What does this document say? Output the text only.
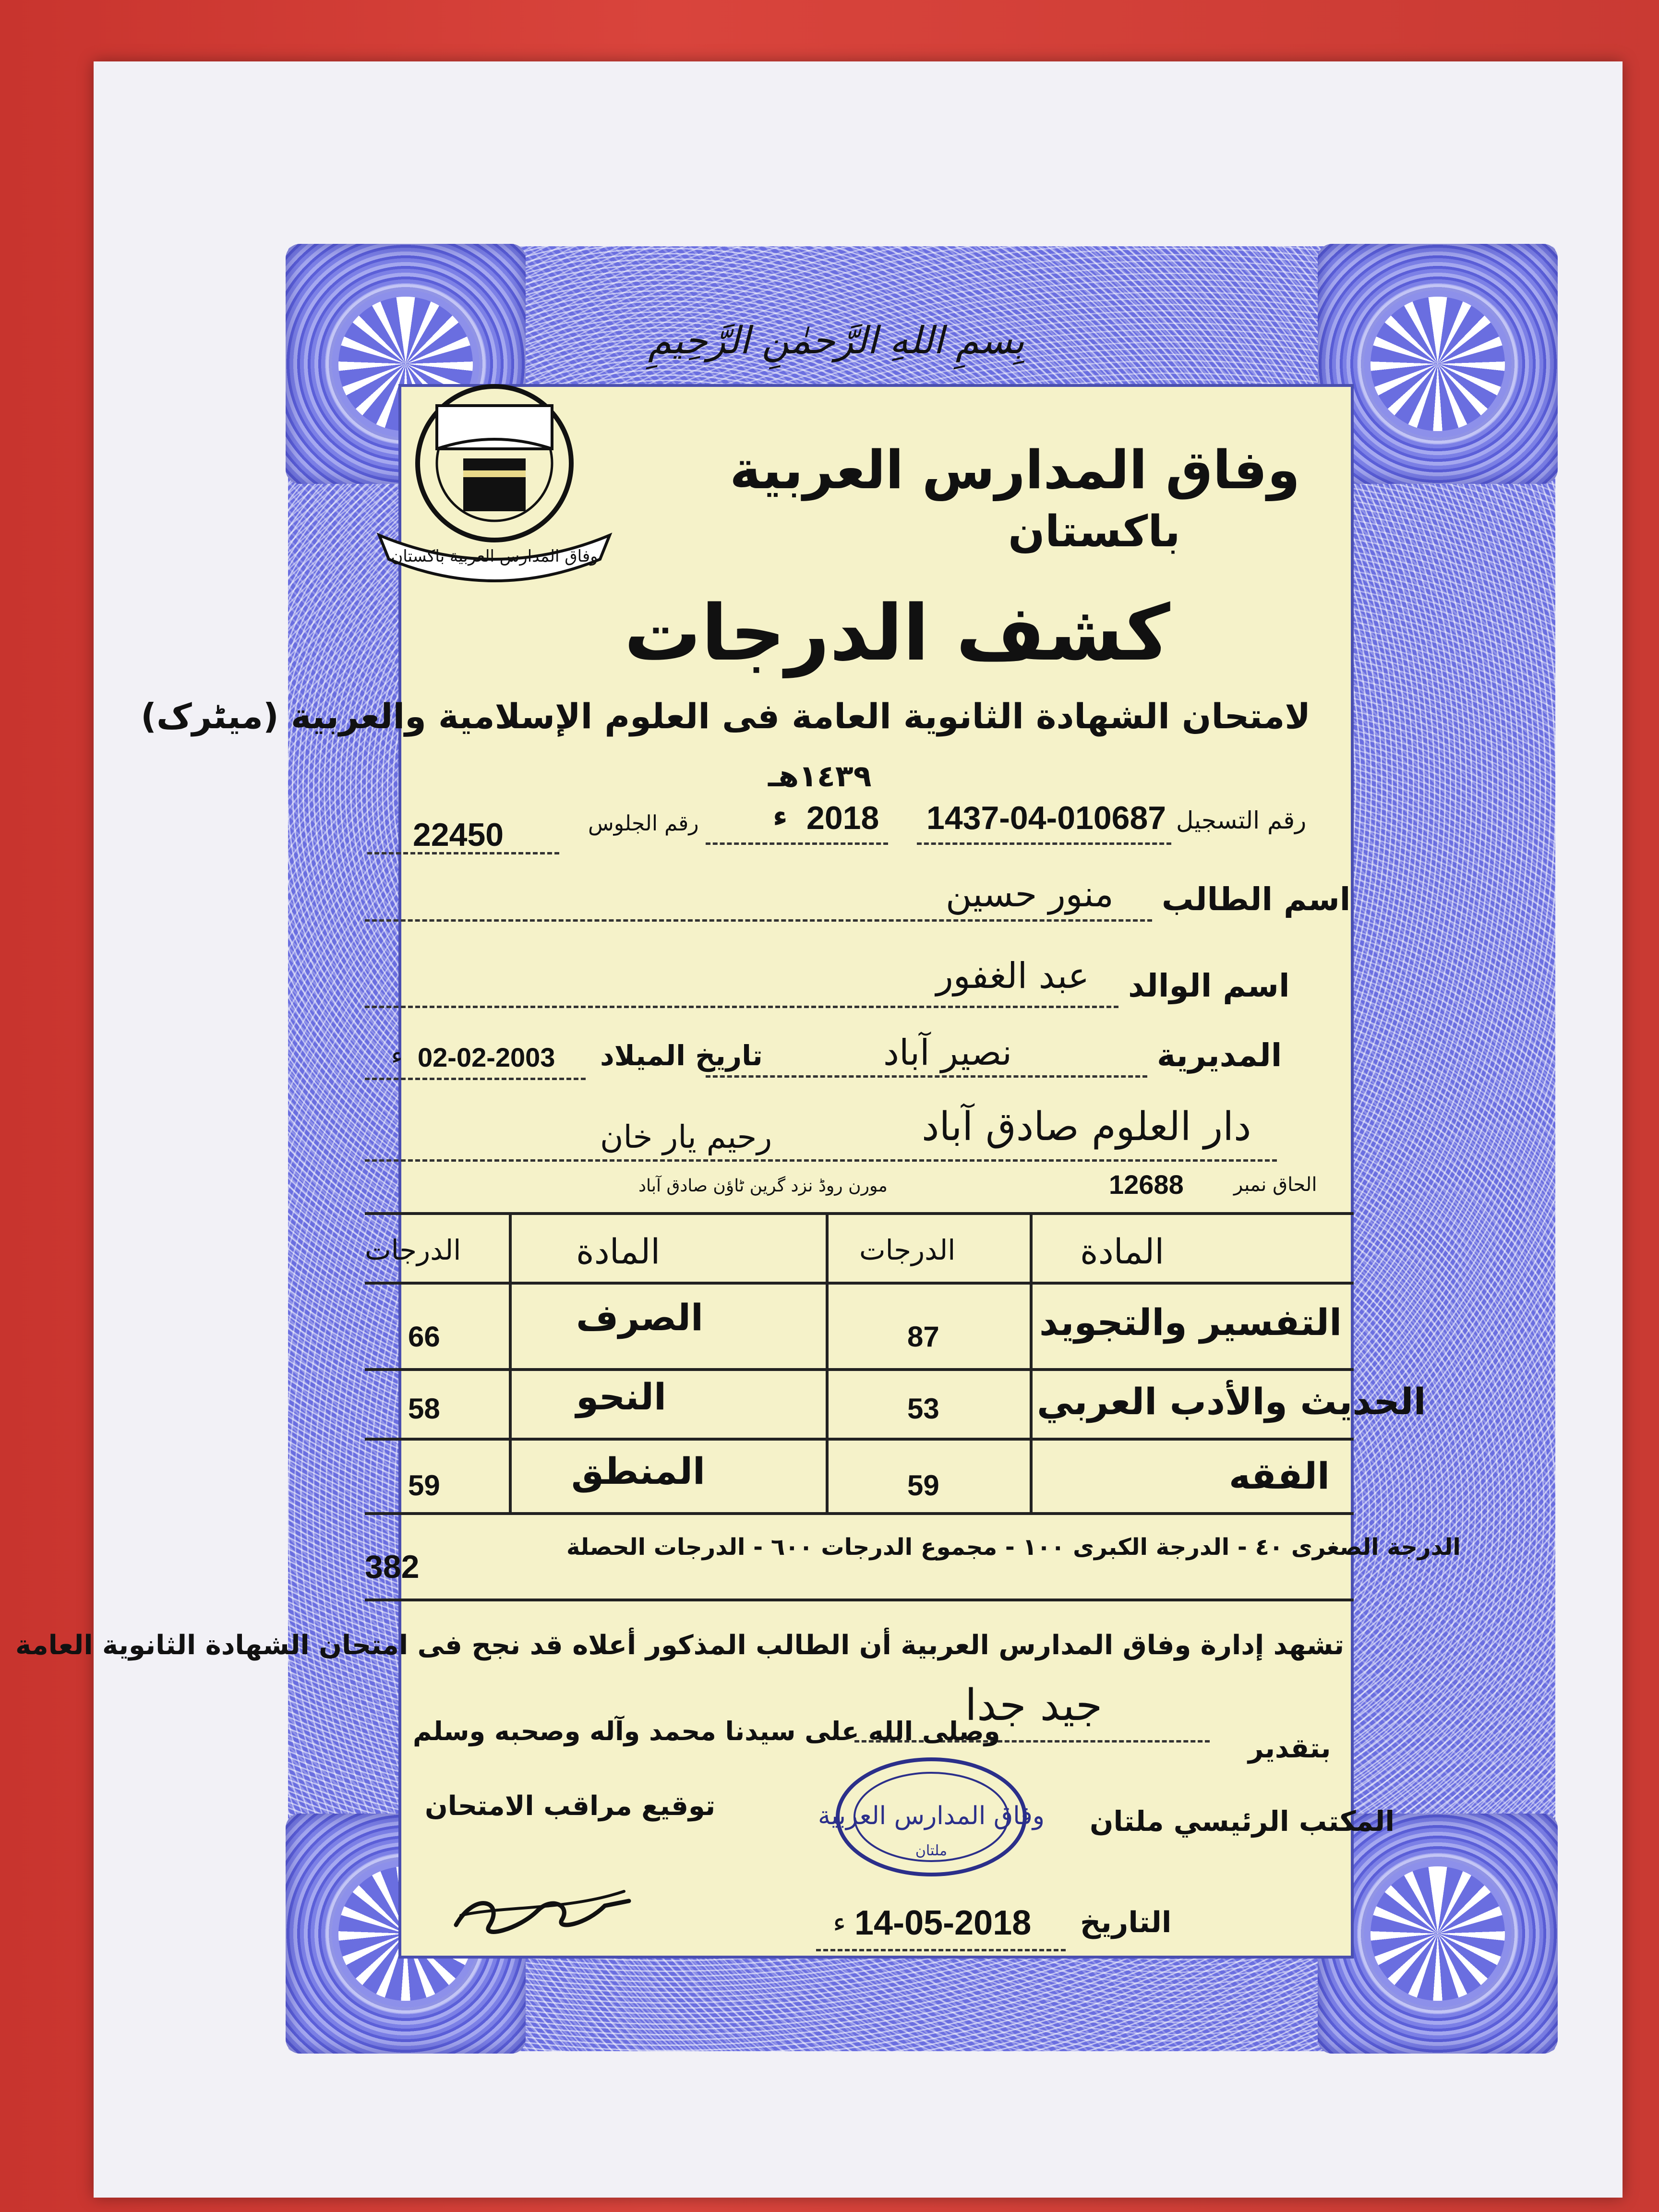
بِسمِ اللهِ الرَّحمٰنِ الرَّحِيمِ
وفاق المدارس العربية باكستان
وفاق المدارس العربية
باكستان
كشف الدرجات
لامتحان الشهادة الثانوية العامة فى العلوم الإسلامية والعربية (ميٹرک)
١٤٣٩هـ
2018
ء	رقم التسجيل
1437-04-010687
رقم الجلوس
22450
اسم الطالب
منور حسين
اسم الوالد
عبد الغفور
المديرية
نصير آباد
تاريخ الميلاد
02-02-2003
ء
دار العلوم صادق آباد
رحيم يار خان
الحاق نمبر
12688
مورن روڈ نزد گرین ٹاؤن صادق آباد
المادة
الدرجات
المادة
الدرجات
التفسير والتجويد
87
الصرف
66
الحديث والأدب العربي
53
النحو
58
الفقه
59
المنطق
59
الدرجة الصغرى ٤٠ - الدرجة الكبرى ١٠٠ - مجموع الدرجات ٦٠٠ - الدرجات الحصلة
382
تشهد إدارة وفاق المدارس العربية أن الطالب المذكور أعلاه قد نجح فى امتحان الشهادة الثانوية العامة
بتقدير
جيد جدا
وصلى الله على سيدنا محمد وآله وصحبه وسلم
المكتب الرئيسي ملتان
توقيع مراقب الامتحان	وفاق المدارس العربية
ملتان
التاريخ
14-05-2018
ء
